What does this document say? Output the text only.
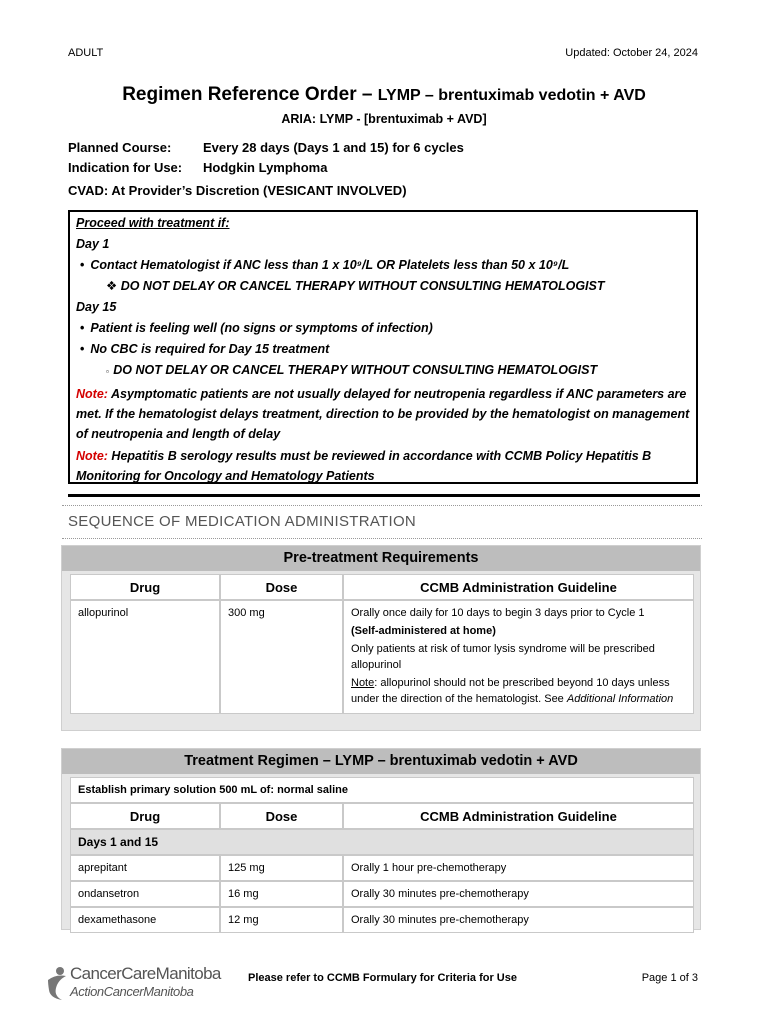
ADULT	Updated: October 24, 2024
Regimen Reference Order – LYMP – brentuximab vedotin + AVD
ARIA: LYMP - [brentuximab + AVD]
Planned Course: Every 28 days (Days 1 and 15) for 6 cycles
Indication for Use: Hodgkin Lymphoma
CVAD: At Provider’s Discretion (VESICANT INVOLVED)
Proceed with treatment if:
Day 1
• Contact Hematologist if ANC less than 1 x 10⁹/L OR Platelets less than 50 x 10⁹/L
❖ DO NOT DELAY OR CANCEL THERAPY WITHOUT CONSULTING HEMATOLOGIST
Day 15
• Patient is feeling well (no signs or symptoms of infection)
• No CBC is required for Day 15 treatment
▫  DO NOT DELAY OR CANCEL THERAPY WITHOUT CONSULTING HEMATOLOGIST
Note: Asymptomatic patients are not usually delayed for neutropenia regardless if ANC parameters are met. If the hematologist delays treatment, direction to be provided by the hematologist on management of neutropenia and length of delay
Note: Hepatitis B serology results must be reviewed in accordance with CCMB Policy Hepatitis B Monitoring for Oncology and Hematology Patients
SEQUENCE OF MEDICATION ADMINISTRATION
Pre-treatment Requirements
Drug	Dose	CCMB Administration Guideline
allopurinol	300 mg	Orally once daily for 10 days to begin 3 days prior to Cycle 1

(Self-administered at home)

Only patients at risk of tumor lysis syndrome will be prescribed allopurinol

Note: allopurinol should not be prescribed beyond 10 days unless under the direction of the hematologist. See Additional Information

Treatment Regimen – LYMP – brentuximab vedotin + AVD
Establish primary solution 500 mL of: normal saline		
Drug	Dose	CCMB Administration Guideline
Days 1 and 15		
aprepitant	125 mg	Orally 1 hour pre-chemotherapy
ondansetron	16 mg	Orally 30 minutes pre-chemotherapy
dexamethasone	12 mg	Orally 30 minutes pre-chemotherapy
CancerCareManitoba
ActionCancerManitoba
Please refer to CCMB Formulary for Criteria for Use	Page 1 of 3
